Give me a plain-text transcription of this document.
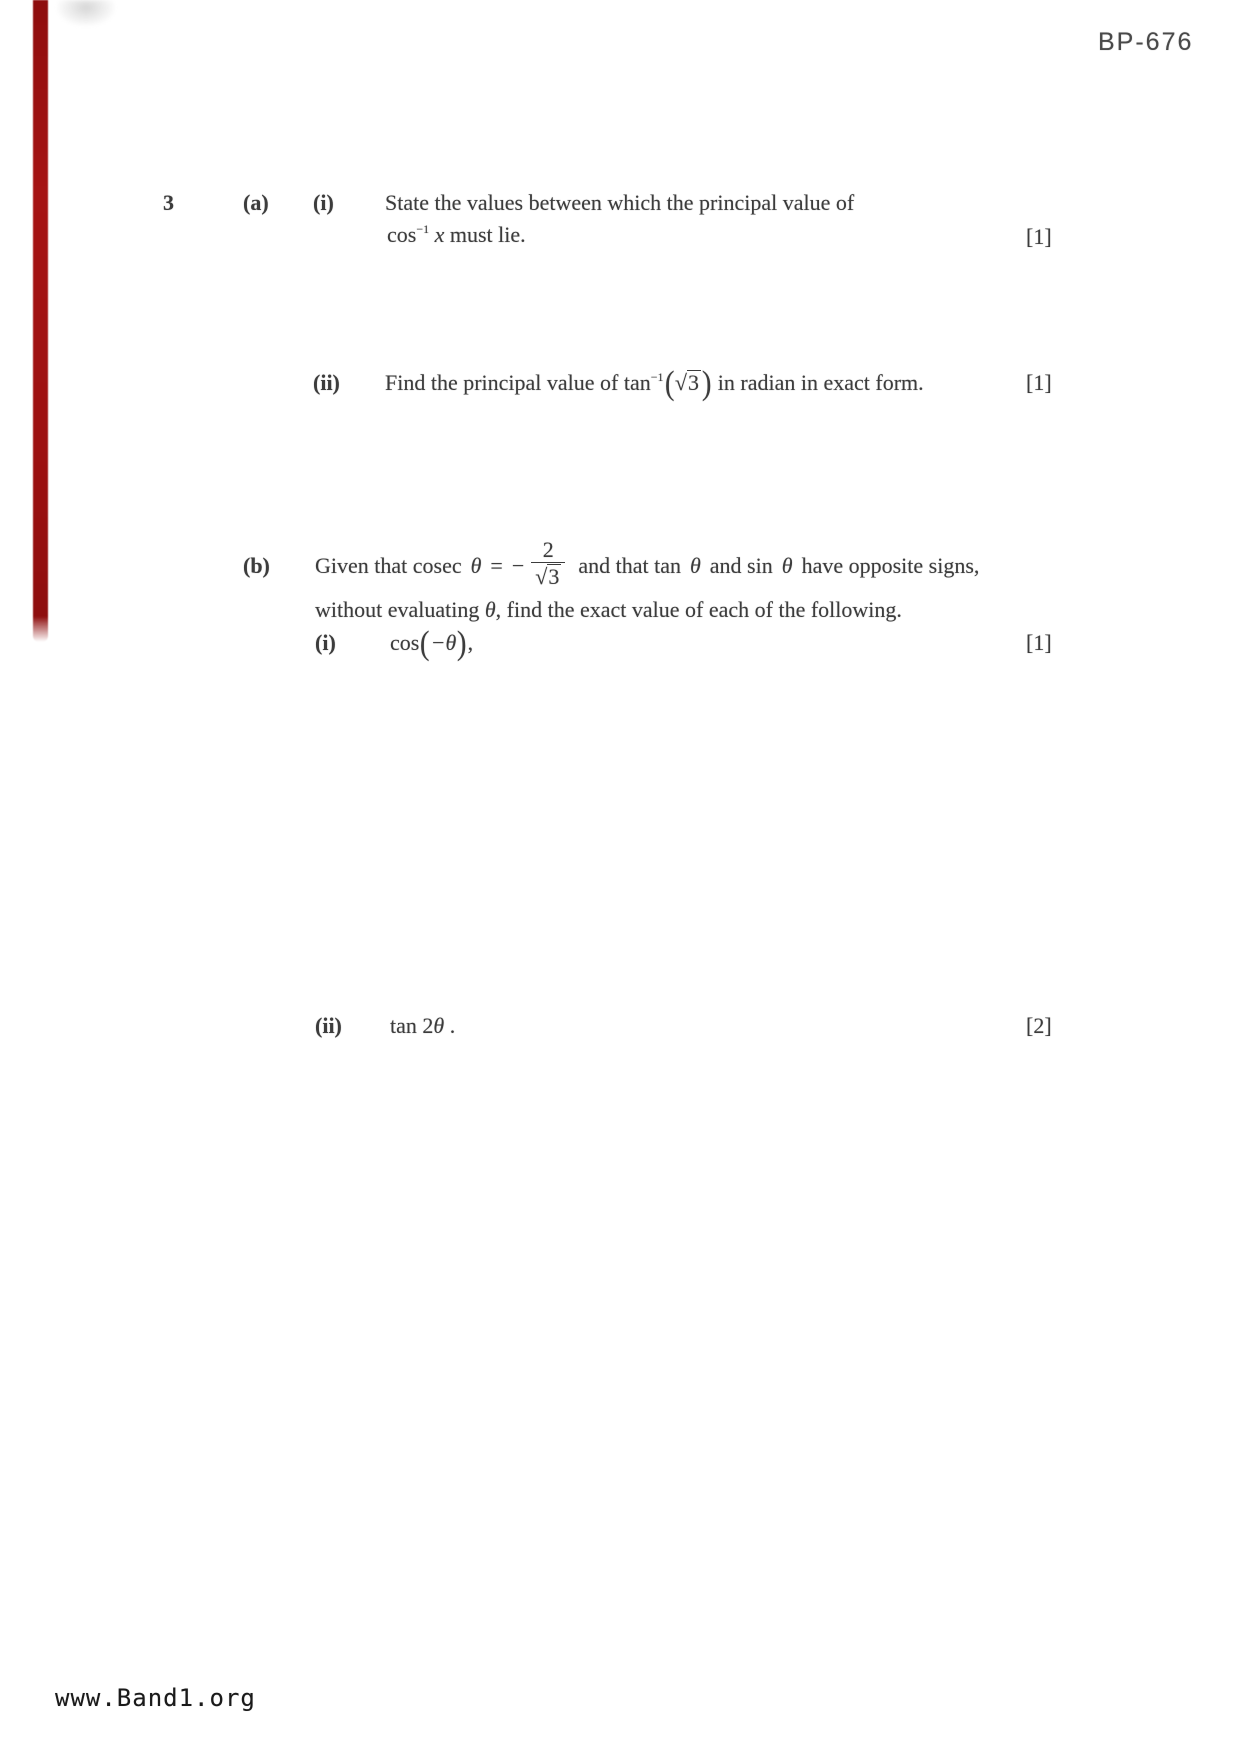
BP-676
3	(a) (i) State the values between which the principal value of
$\cos^{-1} x$ must lie.	[1]
(ii) Find the principal value of $\tan^{-1}(√3)$ in radian in exact form.	[1]
(b) Given that cosec θ = − $\frac{2}{√3}$ and that tan θ and sin θ have opposite signs,
without evaluating θ, find the exact value of each of the following.
(i) cos(−θ),	[1]
(ii) tan 2θ .	[2]
www.Band1.org
